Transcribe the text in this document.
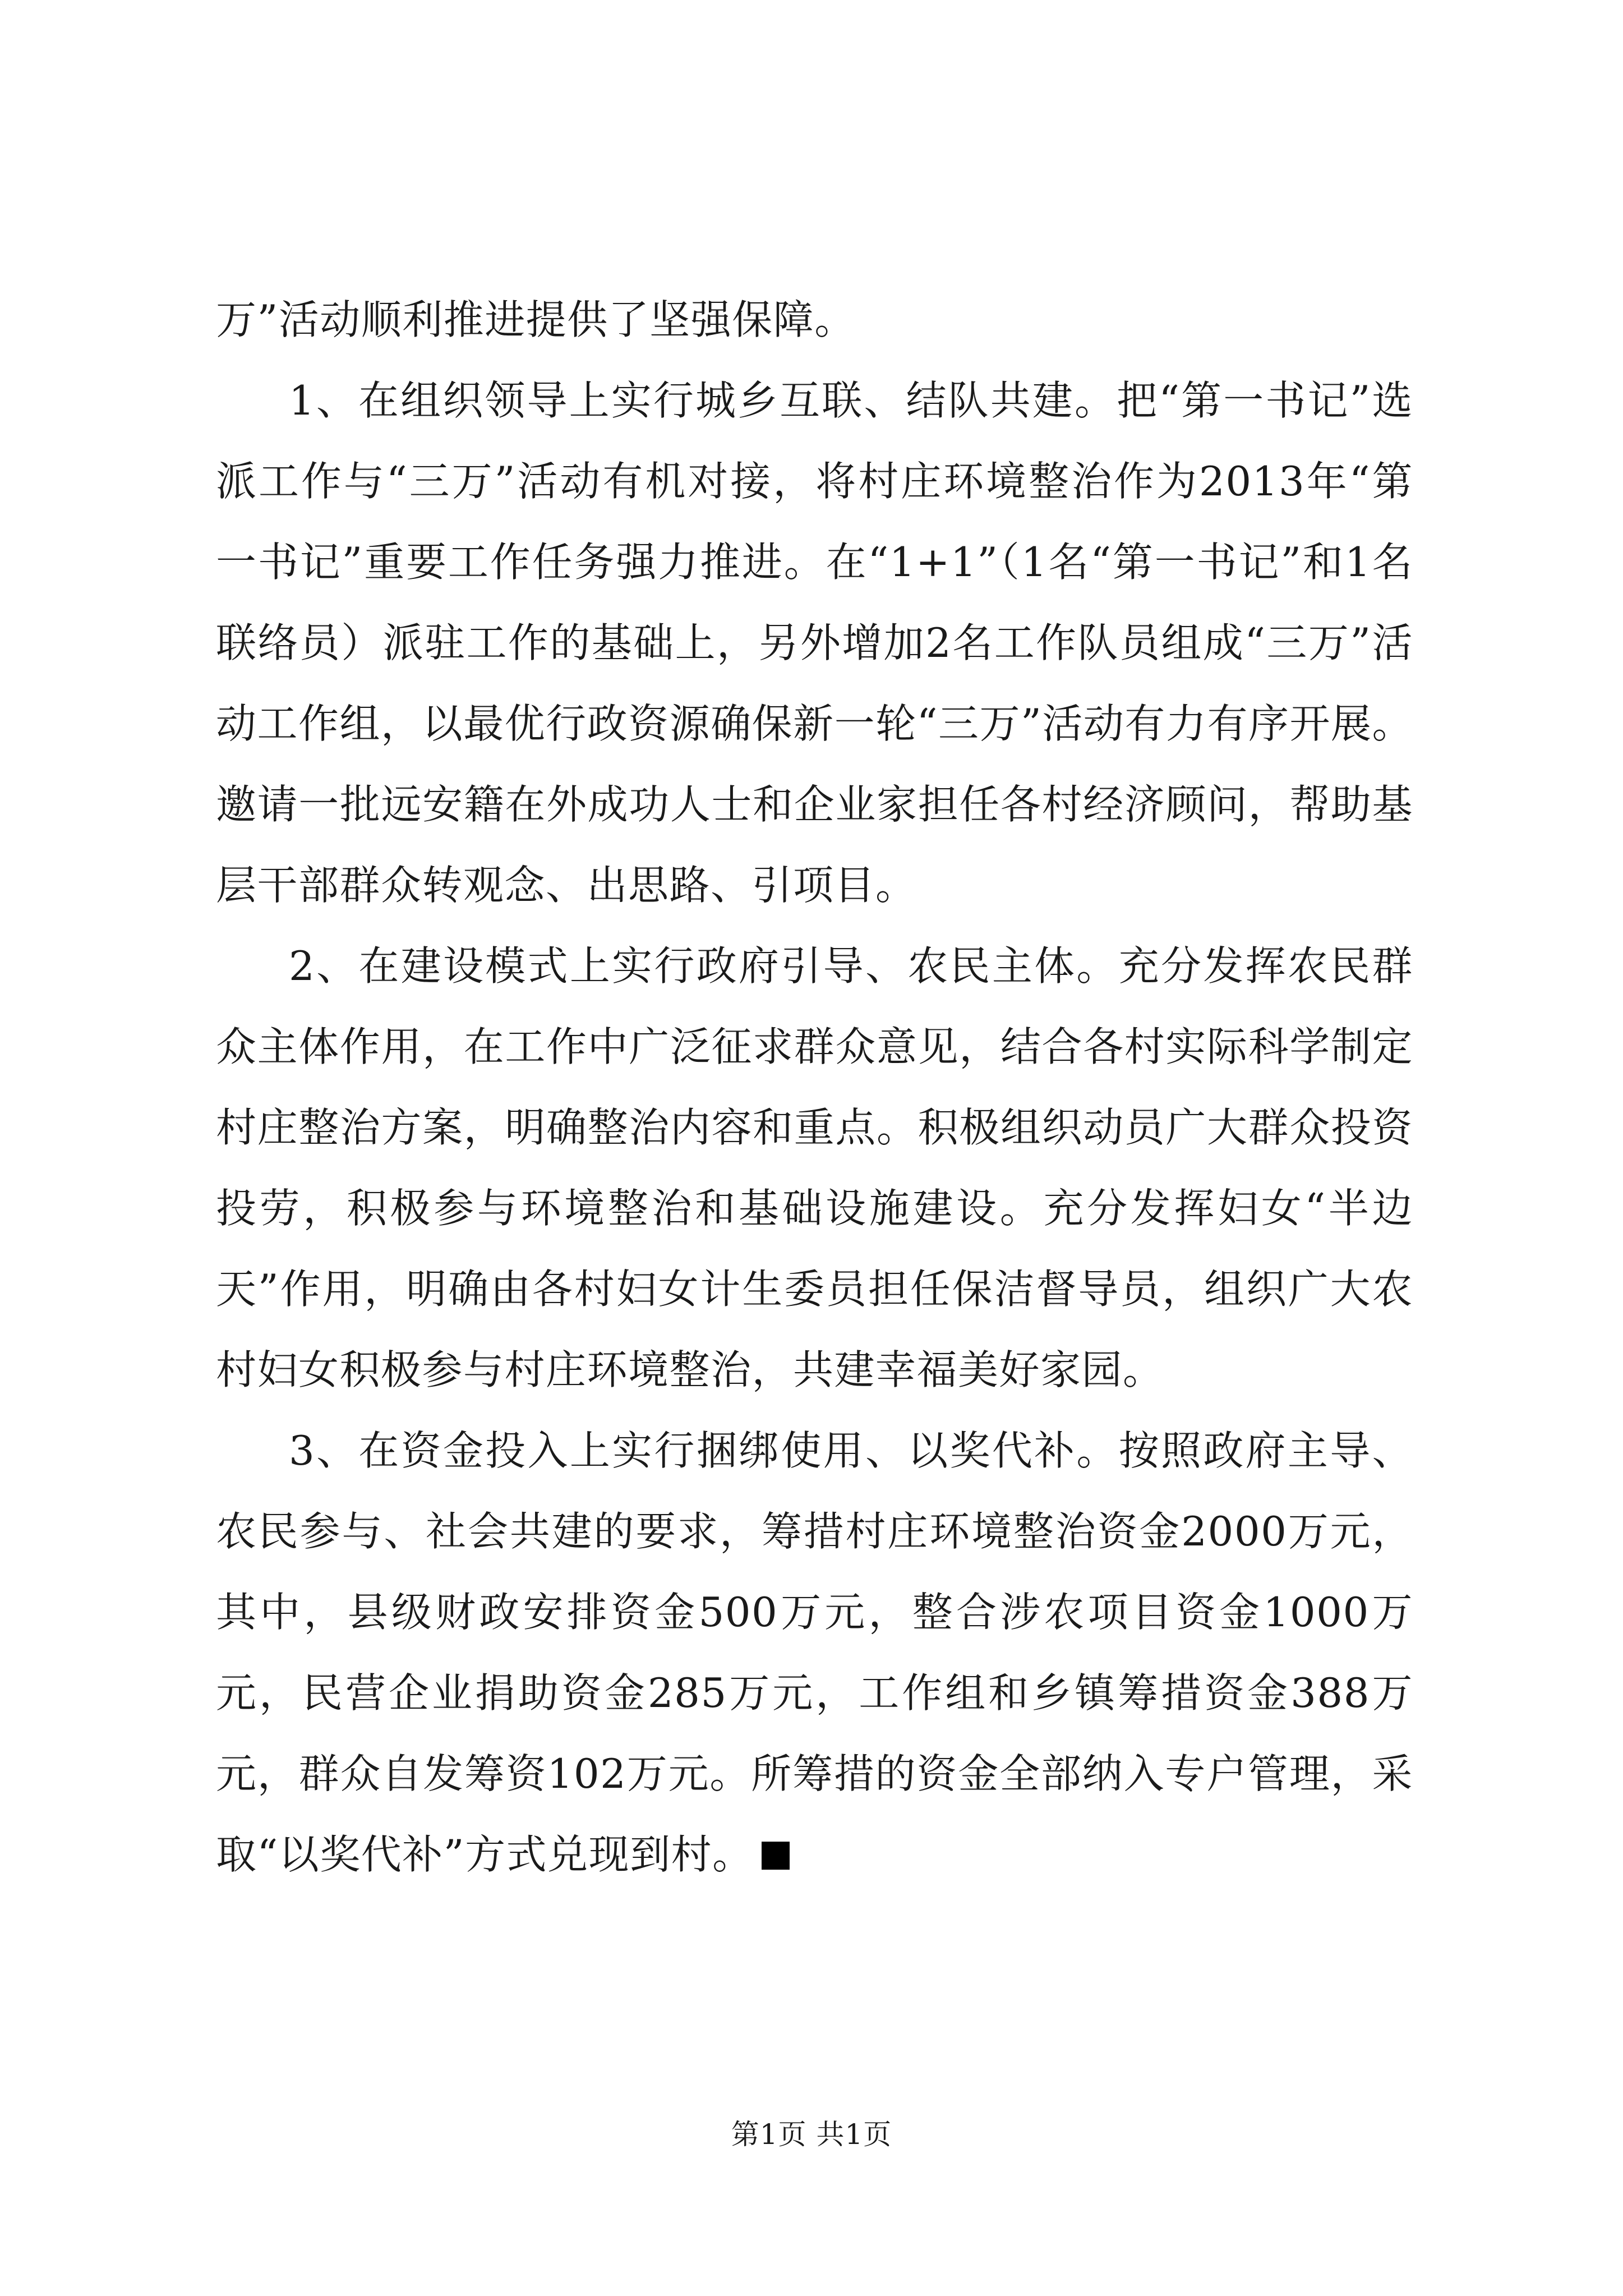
万”活动顺利推进提供了坚强保障。

1、在组织领导上实行城乡互联、结队共建。把“第一书记”选派工作与“三万”活动有机对接，将村庄环境整治作为2013年“第一书记”重要工作任务强力推进。在“1+1”（1名“第一书记”和1名联络员）派驻工作的基础上，另外增加2名工作队员组成“三万”活动工作组，以最优行政资源确保新一轮“三万”活动有力有序开展。邀请一批远安籍在外成功人士和企业家担任各村经济顾问，帮助基层干部群众转观念、出思路、引项目。

2、在建设模式上实行政府引导、农民主体。充分发挥农民群众主体作用，在工作中广泛征求群众意见，结合各村实际科学制定村庄整治方案，明确整治内容和重点。积极组织动员广大群众投资投劳，积极参与环境整治和基础设施建设。充分发挥妇女“半边天”作用，明确由各村妇女计生委员担任保洁督导员，组织广大农村妇女积极参与村庄环境整治，共建幸福美好家园。

3、在资金投入上实行捆绑使用、以奖代补。按照政府主导、农民参与、社会共建的要求，筹措村庄环境整治资金2000万元，其中，县级财政安排资金500万元，整合涉农项目资金1000万元，民营企业捐助资金285万元，工作组和乡镇筹措资金388万元，群众自发筹资102万元。所筹措的资金全部纳入专户管理，采取“以奖代补”方式兑现到村。

第1页 共1页
